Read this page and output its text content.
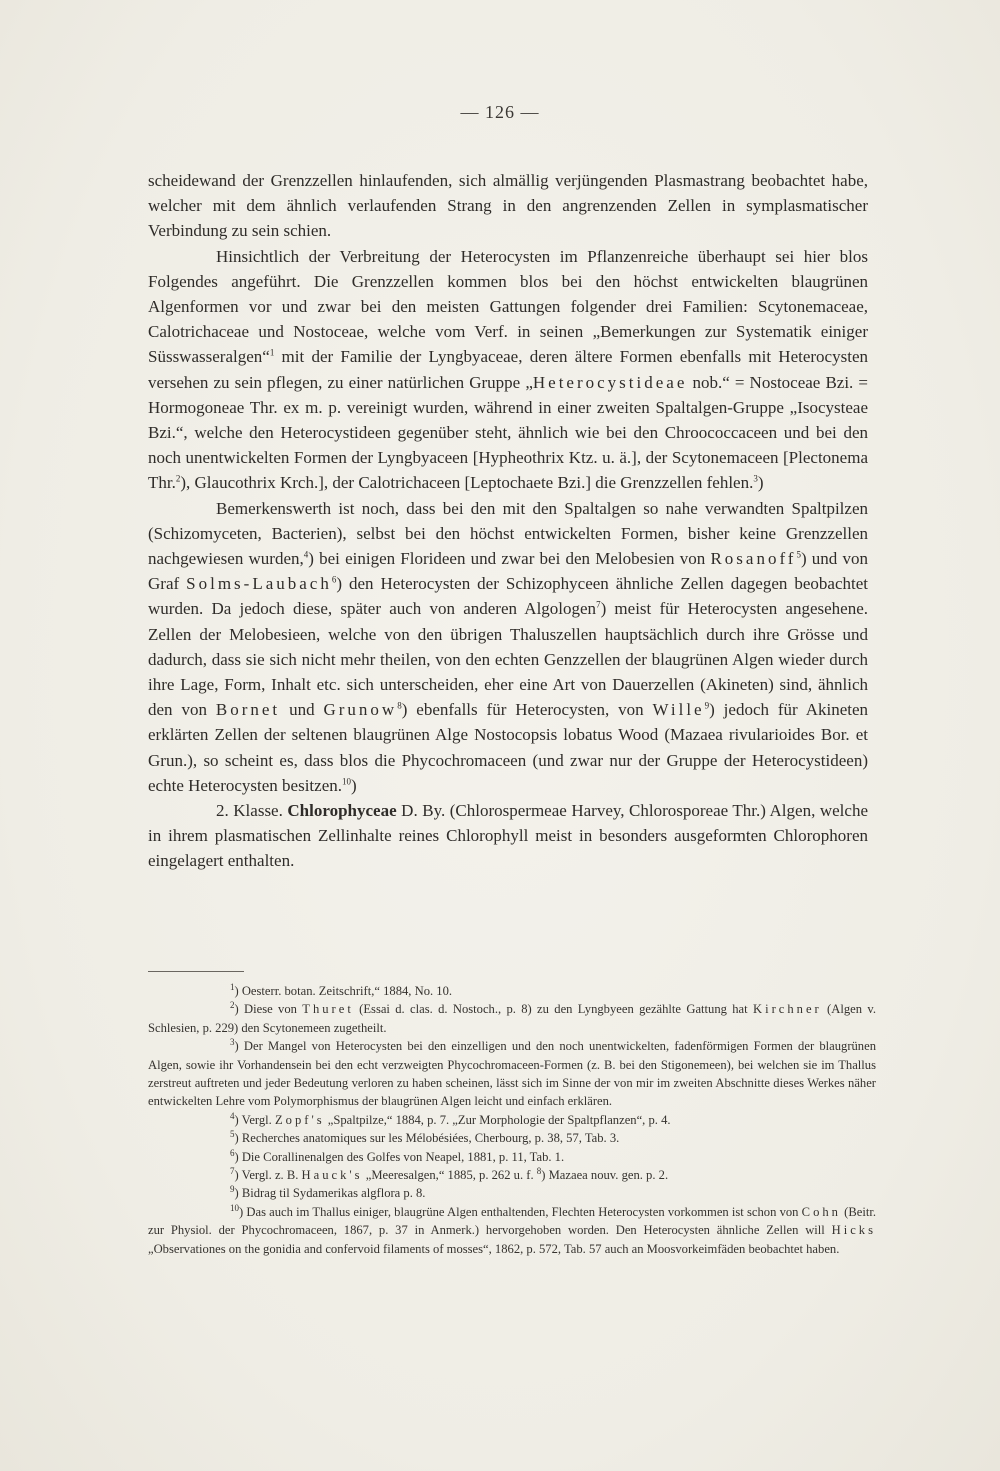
— 126 —

scheidewand der Grenzzellen hinlaufenden, sich almällig verjüngenden Plasmastrang beobachtet habe, welcher mit dem ähnlich verlaufenden Strang in den angrenzenden Zellen in symplasmatischer Verbindung zu sein schien.

Hinsichtlich der Verbreitung der Heterocysten im Pflanzenreiche überhaupt sei hier blos Folgendes angeführt. Die Grenzzellen kommen blos bei den höchst entwickelten blaugrünen Algenformen vor und zwar bei den meisten Gattungen folgender drei Familien: Scytonemaceae, Calotrichaceae und Nostoceae, welche vom Verf. in seinen „Bemerkungen zur Systematik einiger Süsswasseralgen“$^1$ mit der Familie der Lyngbyaceae, deren ältere Formen ebenfalls mit Heterocysten versehen zu sein pflegen, zu einer natürlichen Gruppe „Heterocystideae nob.“ = Nostoceae Bzi. = Hormogoneae Thr. ex m. p. vereinigt wurden, während in einer zweiten Spaltalgen-Gruppe „Isocysteae Bzi.“, welche den Heterocystideen gegenüber steht, ähnlich wie bei den Chroococcaceen und bei den noch unentwickelten Formen der Lyngbyaceen [Hypheothrix Ktz. u. ä.], der Scytonemaceen [Plectonema Thr.$^2$), Glaucothrix Krch.], der Calotrichaceen [Leptochaete Bzi.] die Grenzzellen fehlen.$^3$)

Bemerkenswerth ist noch, dass bei den mit den Spaltalgen so nahe verwandten Spaltpilzen (Schizomyceten, Bacterien), selbst bei den höchst entwickelten Formen, bisher keine Grenzzellen nachgewiesen wurden,$^4$) bei einigen Florideen und zwar bei den Melobesien von Rosanoff$^5$) und von Graf Solms-Laubach$^6$) den Heterocysten der Schizophyceen ähnliche Zellen dagegen beobachtet wurden. Da jedoch diese, später auch von anderen Algologen$^7$) meist für Heterocysten angesehene. Zellen der Melobesieen, welche von den übrigen Thaluszellen hauptsächlich durch ihre Grösse und dadurch, dass sie sich nicht mehr theilen, von den echten Genzzellen der blaugrünen Algen wieder durch ihre Lage, Form, Inhalt etc. sich unterscheiden, eher eine Art von Dauerzellen (Akineten) sind, ähnlich den von Bornet und Grunow$^8$) ebenfalls für Heterocysten, von Wille$^9$) jedoch für Akineten erklärten Zellen der seltenen blaugrünen Alge Nostocopsis lobatus Wood (Mazaea rivularioides Bor. et Grun.), so scheint es, dass blos die Phycochromaceen (und zwar nur der Gruppe der Heterocystideen) echte Heterocysten besitzen.$^{10}$)

2. Klasse. Chlorophyceae D. By. (Chlorospermeae Harvey, Chlorosporeae Thr.) Algen, welche in ihrem plasmatischen Zellinhalte reines Chlorophyll meist in besonders ausgeformten Chlorophoren eingelagert enthalten.

$^1$) Oesterr. botan. Zeitschrift,“ 1884, No. 10.

$^2$) Diese von Thuret (Essai d. clas. d. Nostoch., p. 8) zu den Lyngbyeen gezählte Gattung hat Kirchner (Algen v. Schlesien, p. 229) den Scytonemeen zugetheilt.

$^3$) Der Mangel von Heterocysten bei den einzelligen und den noch unentwickelten, fadenförmigen Formen der blaugrünen Algen, sowie ihr Vorhandensein bei den echt verzweigten Phycochromaceen-Formen (z. B. bei den Stigonemeen), bei welchen sie im Thallus zerstreut auftreten und jeder Bedeutung verloren zu haben scheinen, lässt sich im Sinne der von mir im zweiten Abschnitte dieses Werkes näher entwickelten Lehre vom Polymorphismus der blaugrünen Algen leicht und einfach erklären.

$^4$) Vergl. Zopf's „Spaltpilze,“ 1884, p. 7. „Zur Morphologie der Spaltpflanzen“, p. 4.

$^5$) Recherches anatomiques sur les Mélobésiées, Cherbourg, p. 38, 57, Tab. 3.

$^6$) Die Corallinenalgen des Golfes von Neapel, 1881, p. 11, Tab. 1.

$^7$) Vergl. z. B. Hauck's „Meeresalgen,“ 1885, p. 262 u. f. $^8$) Mazaea nouv. gen. p. 2.

$^9$) Bidrag til Sydamerikas algflora p. 8.

$^{10}$) Das auch im Thallus einiger, blaugrüne Algen enthaltenden, Flechten Heterocysten vorkommen ist schon von Cohn (Beitr. zur Physiol. der Phycochromaceen, 1867, p. 37 in Anmerk.) hervorgehoben worden. Den Heterocysten ähnliche Zellen will Hicks „Observationes on the gonidia and confervoid filaments of mosses“, 1862, p. 572, Tab. 57 auch an Moosvorkeimfäden beobachtet haben.
